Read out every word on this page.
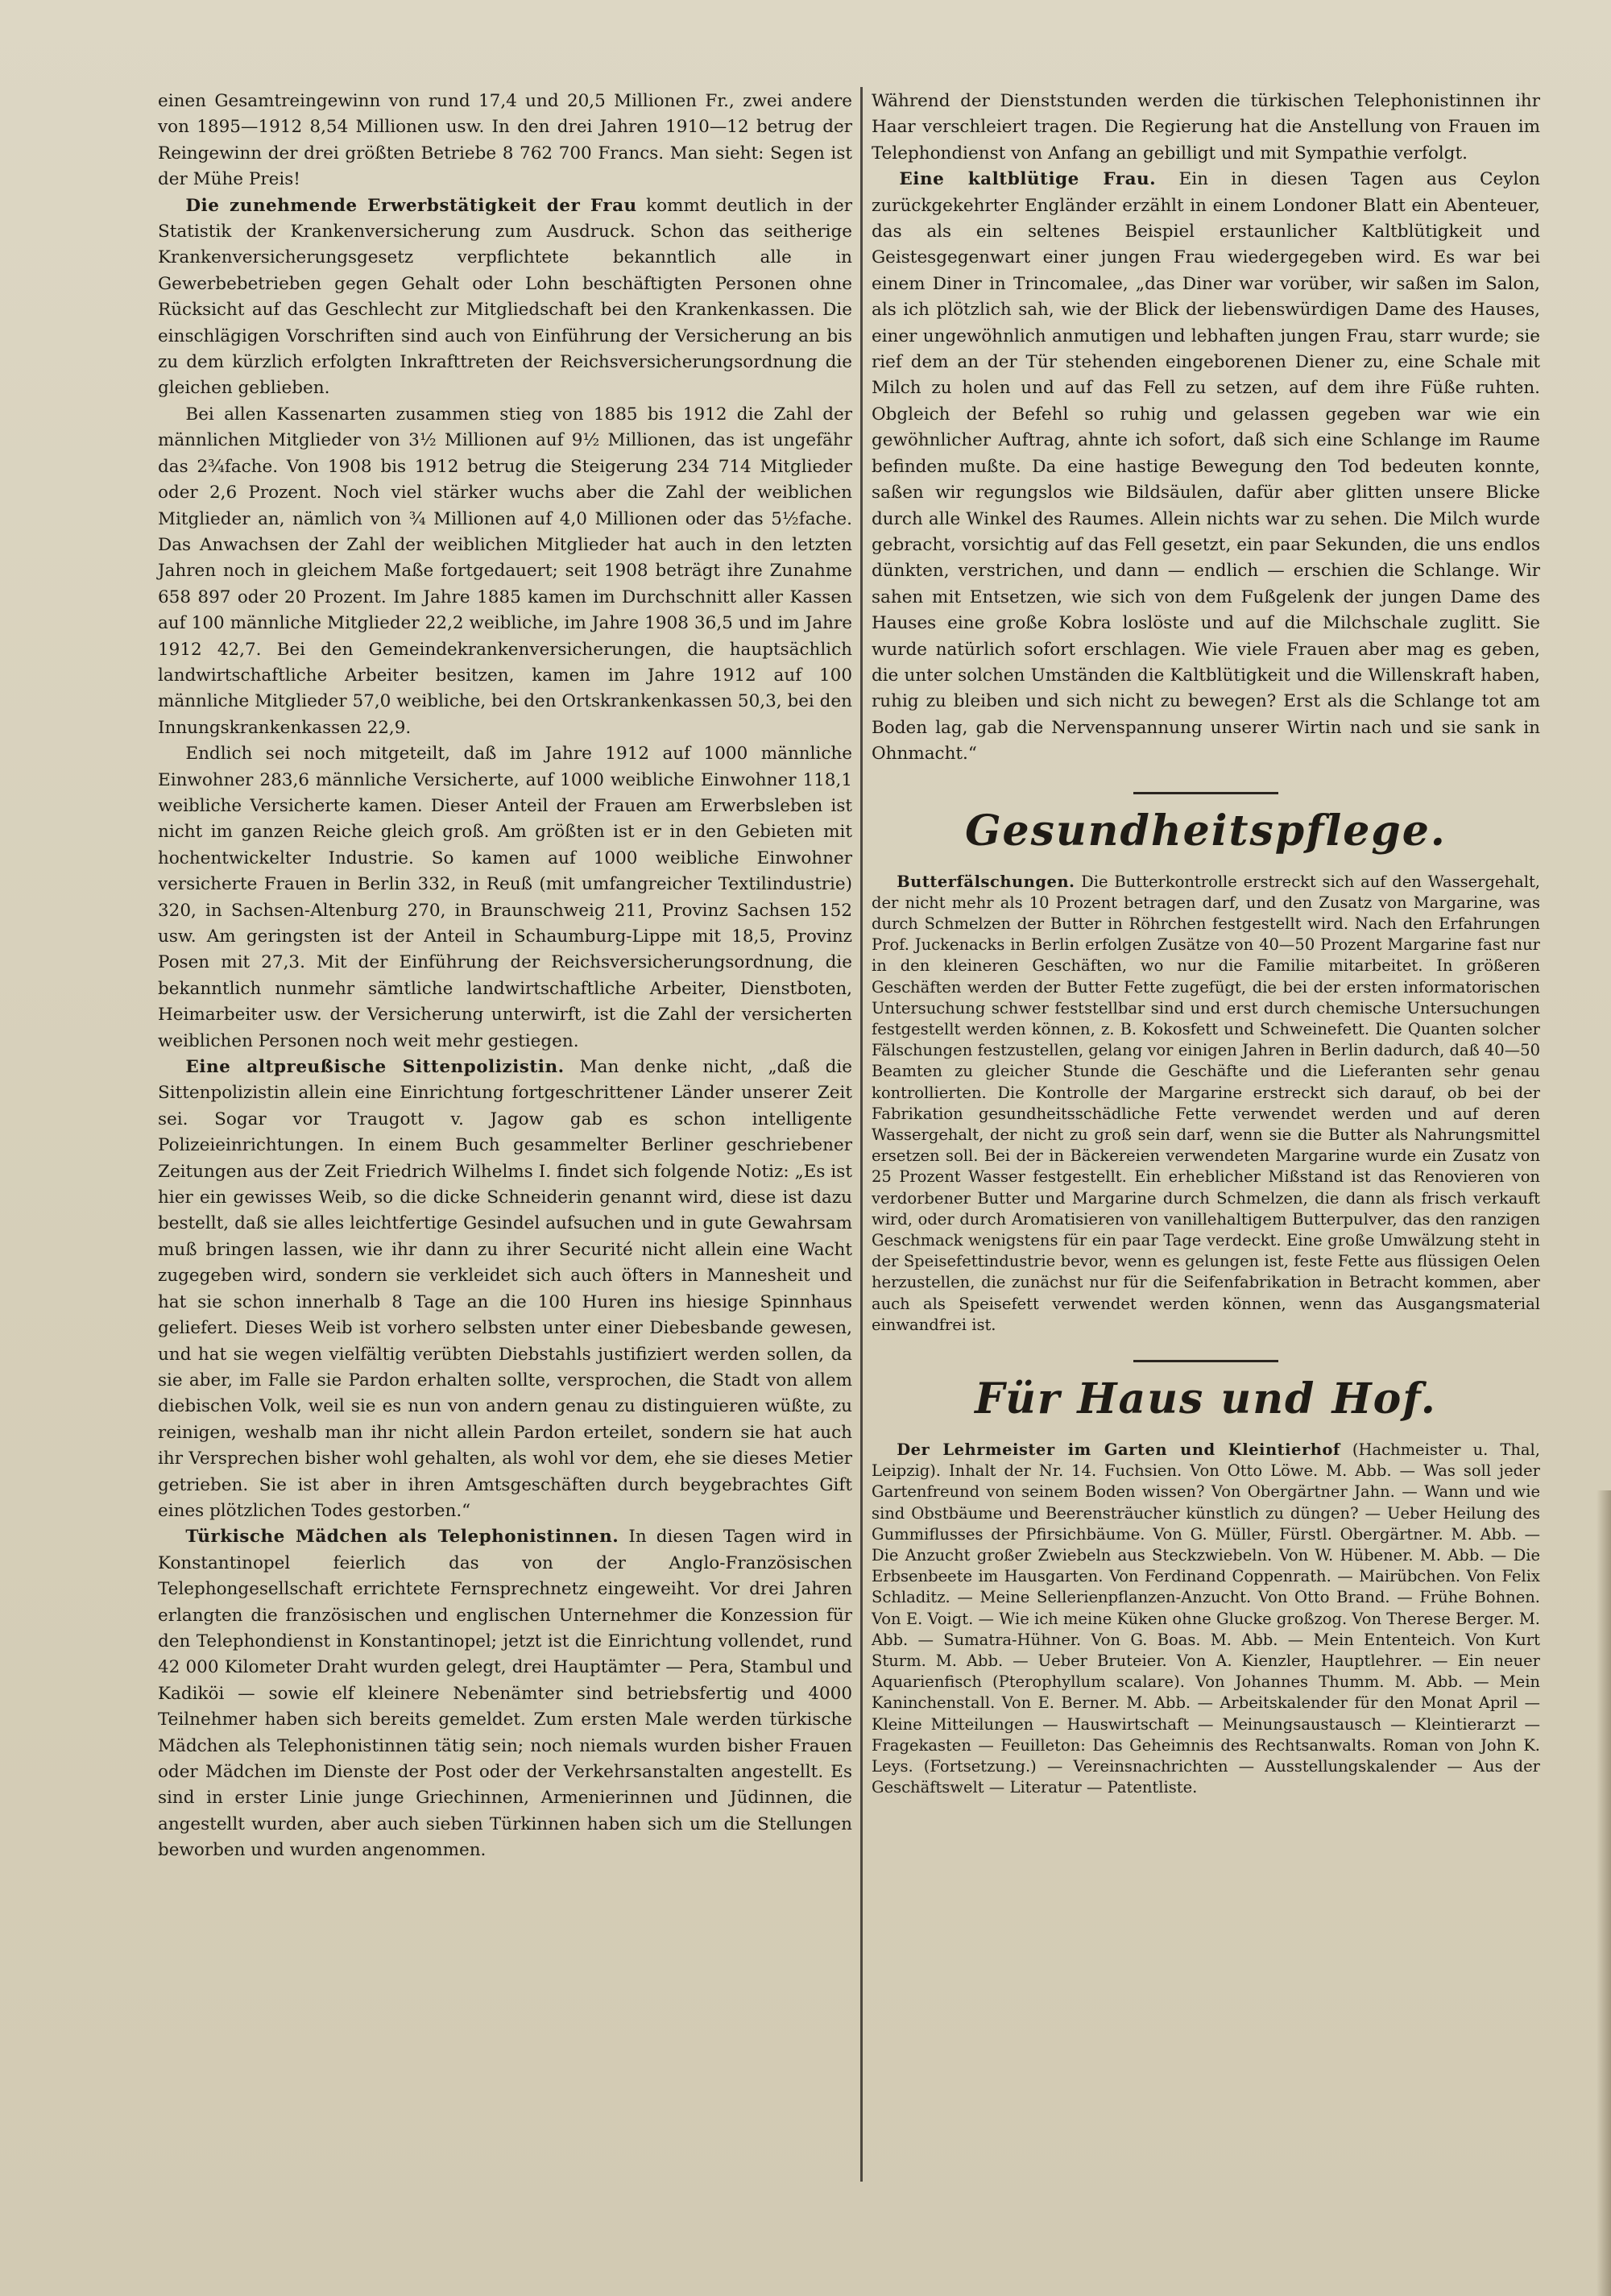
einen Gesamtreingewinn von rund 17,4 und 20,5 Millionen Fr., zwei andere von 1895—1912 8,54 Millionen usw. In den drei Jahren 1910—12 betrug der Reingewinn der drei größten Betriebe 8 762 700 Francs. Man sieht: Segen ist der Mühe Preis!

Die zunehmende Erwerbstätigkeit der Frau kommt deutlich in der Statistik der Krankenversicherung zum Ausdruck. Schon das seitherige Krankenversicherungsgesetz verpflichtete bekanntlich alle in Gewerbebetrieben gegen Gehalt oder Lohn beschäftigten Personen ohne Rücksicht auf das Geschlecht zur Mitgliedschaft bei den Krankenkassen. Die einschlägigen Vorschriften sind auch von Einführung der Versicherung an bis zu dem kürzlich erfolgten Inkrafttreten der Reichsversicherungsordnung die gleichen geblieben.

Bei allen Kassenarten zusammen stieg von 1885 bis 1912 die Zahl der männlichen Mitglieder von 3½ Millionen auf 9½ Millionen, das ist ungefähr das 2¾fache. Von 1908 bis 1912 betrug die Steigerung 234 714 Mitglieder oder 2,6 Prozent. Noch viel stärker wuchs aber die Zahl der weiblichen Mitglieder an, nämlich von ¾ Millionen auf 4,0 Millionen oder das 5½fache. Das Anwachsen der Zahl der weiblichen Mitglieder hat auch in den letzten Jahren noch in gleichem Maße fortgedauert; seit 1908 beträgt ihre Zunahme 658 897 oder 20 Prozent. Im Jahre 1885 kamen im Durchschnitt aller Kassen auf 100 männliche Mitglieder 22,2 weibliche, im Jahre 1908 36,5 und im Jahre 1912 42,7. Bei den Gemeindekrankenversicherungen, die hauptsächlich landwirtschaftliche Arbeiter besitzen, kamen im Jahre 1912 auf 100 männliche Mitglieder 57,0 weibliche, bei den Ortskrankenkassen 50,3, bei den Innungskrankenkassen 22,9.

Endlich sei noch mitgeteilt, daß im Jahre 1912 auf 1000 männliche Einwohner 283,6 männliche Versicherte, auf 1000 weibliche Einwohner 118,1 weibliche Versicherte kamen. Dieser Anteil der Frauen am Erwerbsleben ist nicht im ganzen Reiche gleich groß. Am größten ist er in den Gebieten mit hochentwickelter Industrie. So kamen auf 1000 weibliche Einwohner versicherte Frauen in Berlin 332, in Reuß (mit umfangreicher Textilindustrie) 320, in Sachsen-Altenburg 270, in Braunschweig 211, Provinz Sachsen 152 usw. Am geringsten ist der Anteil in Schaumburg-Lippe mit 18,5, Provinz Posen mit 27,3. Mit der Einführung der Reichsversicherungsordnung, die bekanntlich nunmehr sämtliche landwirtschaftliche Arbeiter, Dienstboten, Heimarbeiter usw. der Versicherung unterwirft, ist die Zahl der versicherten weiblichen Personen noch weit mehr gestiegen.

Eine altpreußische Sittenpolizistin. Man denke nicht, „daß die Sittenpolizistin allein eine Einrichtung fortgeschrittener Länder unserer Zeit sei. Sogar vor Traugott v. Jagow gab es schon intelligente Polizeieinrichtungen. In einem Buch gesammelter Berliner geschriebener Zeitungen aus der Zeit Friedrich Wilhelms I. findet sich folgende Notiz: „Es ist hier ein gewisses Weib, so die dicke Schneiderin genannt wird, diese ist dazu bestellt, daß sie alles leichtfertige Gesindel aufsuchen und in gute Gewahrsam muß bringen lassen, wie ihr dann zu ihrer Securité nicht allein eine Wacht zugegeben wird, sondern sie verkleidet sich auch öfters in Mannesheit und hat sie schon innerhalb 8 Tage an die 100 Huren ins hiesige Spinnhaus geliefert. Dieses Weib ist vorhero selbsten unter einer Diebesbande gewesen, und hat sie wegen vielfältig verübten Diebstahls justifiziert werden sollen, da sie aber, im Falle sie Pardon erhalten sollte, versprochen, die Stadt von allem diebischen Volk, weil sie es nun von andern genau zu distinguieren wüßte, zu reinigen, weshalb man ihr nicht allein Pardon erteilet, sondern sie hat auch ihr Versprechen bisher wohl gehalten, als wohl vor dem, ehe sie dieses Metier getrieben. Sie ist aber in ihren Amtsgeschäften durch beygebrachtes Gift eines plötzlichen Todes gestorben.“

Türkische Mädchen als Telephonistinnen. In diesen Tagen wird in Konstantinopel feierlich das von der Anglo-Französischen Telephongesellschaft errichtete Fernsprechnetz eingeweiht. Vor drei Jahren erlangten die französischen und englischen Unternehmer die Konzession für den Telephondienst in Konstantinopel; jetzt ist die Einrichtung vollendet, rund 42 000 Kilometer Draht wurden gelegt, drei Hauptämter — Pera, Stambul und Kadiköi — sowie elf kleinere Nebenämter sind betriebsfertig und 4000 Teilnehmer haben sich bereits gemeldet. Zum ersten Male werden türkische Mädchen als Telephonistinnen tätig sein; noch niemals wurden bisher Frauen oder Mädchen im Dienste der Post oder der Verkehrsanstalten angestellt. Es sind in erster Linie junge Griechinnen, Armenierinnen und Jüdinnen, die angestellt wurden, aber auch sieben Türkinnen haben sich um die Stellungen beworben und wurden angenommen.

Während der Dienststunden werden die türkischen Telephonistinnen ihr Haar verschleiert tragen. Die Regierung hat die Anstellung von Frauen im Telephondienst von Anfang an gebilligt und mit Sympathie verfolgt.

Eine kaltblütige Frau. Ein in diesen Tagen aus Ceylon zurückgekehrter Engländer erzählt in einem Londoner Blatt ein Abenteuer, das als ein seltenes Beispiel erstaunlicher Kaltblütigkeit und Geistesgegenwart einer jungen Frau wiedergegeben wird. Es war bei einem Diner in Trincomalee, „das Diner war vorüber, wir saßen im Salon, als ich plötzlich sah, wie der Blick der liebenswürdigen Dame des Hauses, einer ungewöhnlich anmutigen und lebhaften jungen Frau, starr wurde; sie rief dem an der Tür stehenden eingeborenen Diener zu, eine Schale mit Milch zu holen und auf das Fell zu setzen, auf dem ihre Füße ruhten. Obgleich der Befehl so ruhig und gelassen gegeben war wie ein gewöhnlicher Auftrag, ahnte ich sofort, daß sich eine Schlange im Raume befinden mußte. Da eine hastige Bewegung den Tod bedeuten konnte, saßen wir regungslos wie Bildsäulen, dafür aber glitten unsere Blicke durch alle Winkel des Raumes. Allein nichts war zu sehen. Die Milch wurde gebracht, vorsichtig auf das Fell gesetzt, ein paar Sekunden, die uns endlos dünkten, verstrichen, und dann — endlich — erschien die Schlange. Wir sahen mit Entsetzen, wie sich von dem Fußgelenk der jungen Dame des Hauses eine große Kobra loslöste und auf die Milchschale zuglitt. Sie wurde natürlich sofort erschlagen. Wie viele Frauen aber mag es geben, die unter solchen Umständen die Kaltblütigkeit und die Willenskraft haben, ruhig zu bleiben und sich nicht zu bewegen? Erst als die Schlange tot am Boden lag, gab die Nervenspannung unserer Wirtin nach und sie sank in Ohnmacht.“

Gesundheitspflege.

Butterfälschungen. Die Butterkontrolle erstreckt sich auf den Wassergehalt, der nicht mehr als 10 Prozent betragen darf, und den Zusatz von Margarine, was durch Schmelzen der Butter in Röhrchen festgestellt wird. Nach den Erfahrungen Prof. Juckenacks in Berlin erfolgen Zusätze von 40—50 Prozent Margarine fast nur in den kleineren Geschäften, wo nur die Familie mitarbeitet. In größeren Geschäften werden der Butter Fette zugefügt, die bei der ersten informatorischen Untersuchung schwer feststellbar sind und erst durch chemische Untersuchungen festgestellt werden können, z. B. Kokosfett und Schweinefett. Die Quanten solcher Fälschungen festzustellen, gelang vor einigen Jahren in Berlin dadurch, daß 40—50 Beamten zu gleicher Stunde die Geschäfte und die Lieferanten sehr genau kontrollierten. Die Kontrolle der Margarine erstreckt sich darauf, ob bei der Fabrikation gesundheitsschädliche Fette verwendet werden und auf deren Wassergehalt, der nicht zu groß sein darf, wenn sie die Butter als Nahrungsmittel ersetzen soll. Bei der in Bäckereien verwendeten Margarine wurde ein Zusatz von 25 Prozent Wasser festgestellt. Ein erheblicher Mißstand ist das Renovieren von verdorbener Butter und Margarine durch Schmelzen, die dann als frisch verkauft wird, oder durch Aromatisieren von vanillehaltigem Butterpulver, das den ranzigen Geschmack wenigstens für ein paar Tage verdeckt. Eine große Umwälzung steht in der Speisefettindustrie bevor, wenn es gelungen ist, feste Fette aus flüssigen Oelen herzustellen, die zunächst nur für die Seifenfabrikation in Betracht kommen, aber auch als Speisefett verwendet werden können, wenn das Ausgangsmaterial einwandfrei ist.

Für Haus und Hof.

Der Lehrmeister im Garten und Kleintierhof (Hachmeister u. Thal, Leipzig). Inhalt der Nr. 14. Fuchsien. Von Otto Löwe. M. Abb. — Was soll jeder Gartenfreund von seinem Boden wissen? Von Obergärtner Jahn. — Wann und wie sind Obstbäume und Beerensträucher künstlich zu düngen? — Ueber Heilung des Gummiflusses der Pfirsichbäume. Von G. Müller, Fürstl. Obergärtner. M. Abb. — Die Anzucht großer Zwiebeln aus Steckzwiebeln. Von W. Hübener. M. Abb. — Die Erbsenbeete im Hausgarten. Von Ferdinand Coppenrath. — Mairübchen. Von Felix Schladitz. — Meine Sellerienpflanzen-Anzucht. Von Otto Brand. — Frühe Bohnen. Von E. Voigt. — Wie ich meine Küken ohne Glucke großzog. Von Therese Berger. M. Abb. — Sumatra-Hühner. Von G. Boas. M. Abb. — Mein Ententeich. Von Kurt Sturm. M. Abb. — Ueber Bruteier. Von A. Kienzler, Hauptlehrer. — Ein neuer Aquarienfisch (Pterophyllum scalare). Von Johannes Thumm. M. Abb. — Mein Kaninchenstall. Von E. Berner. M. Abb. — Arbeitskalender für den Monat April — Kleine Mitteilungen — Hauswirtschaft — Meinungsaustausch — Kleintierarzt — Fragekasten — Feuilleton: Das Geheimnis des Rechtsanwalts. Roman von John K. Leys. (Fortsetzung.) — Vereinsnachrichten — Ausstellungskalender — Aus der Geschäftswelt — Literatur — Patentliste.
